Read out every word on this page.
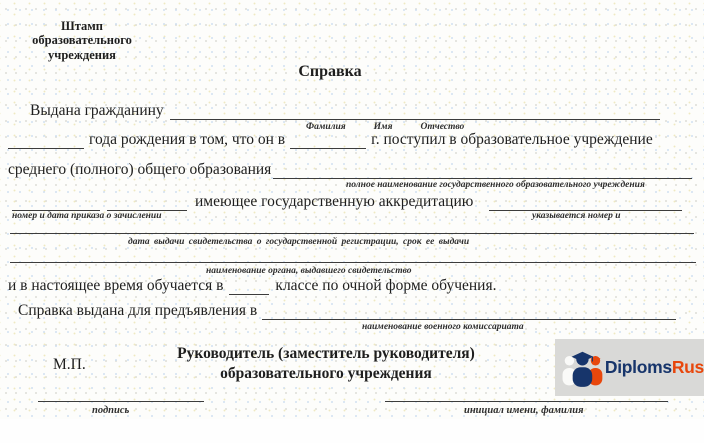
Штамп
образовательного
учреждения
Справка
Выдана гражданину
Фамилия	Имя	Отчество
года рождения в том, что он в	г. поступил в образовательное учреждение
среднего (полного) общего образования
полное наименование государственного образовательного учреждения
имеющее государственную аккредитацию
номер и дата приказа о зачислении	указывается номер и
дата выдачи свидетельства о государственной регистрации, срок ее выдачи
наименование органа, выдавшего свидетельство
и в настоящее время обучается в	классе по очной форме обучения.
Справка выдана для предъявления в
наименование военного комиссариата
Руководитель (заместитель руководителя)
образовательного учреждения
М.П.
подпись	инициал имени, фамилия
DiplomsRus
